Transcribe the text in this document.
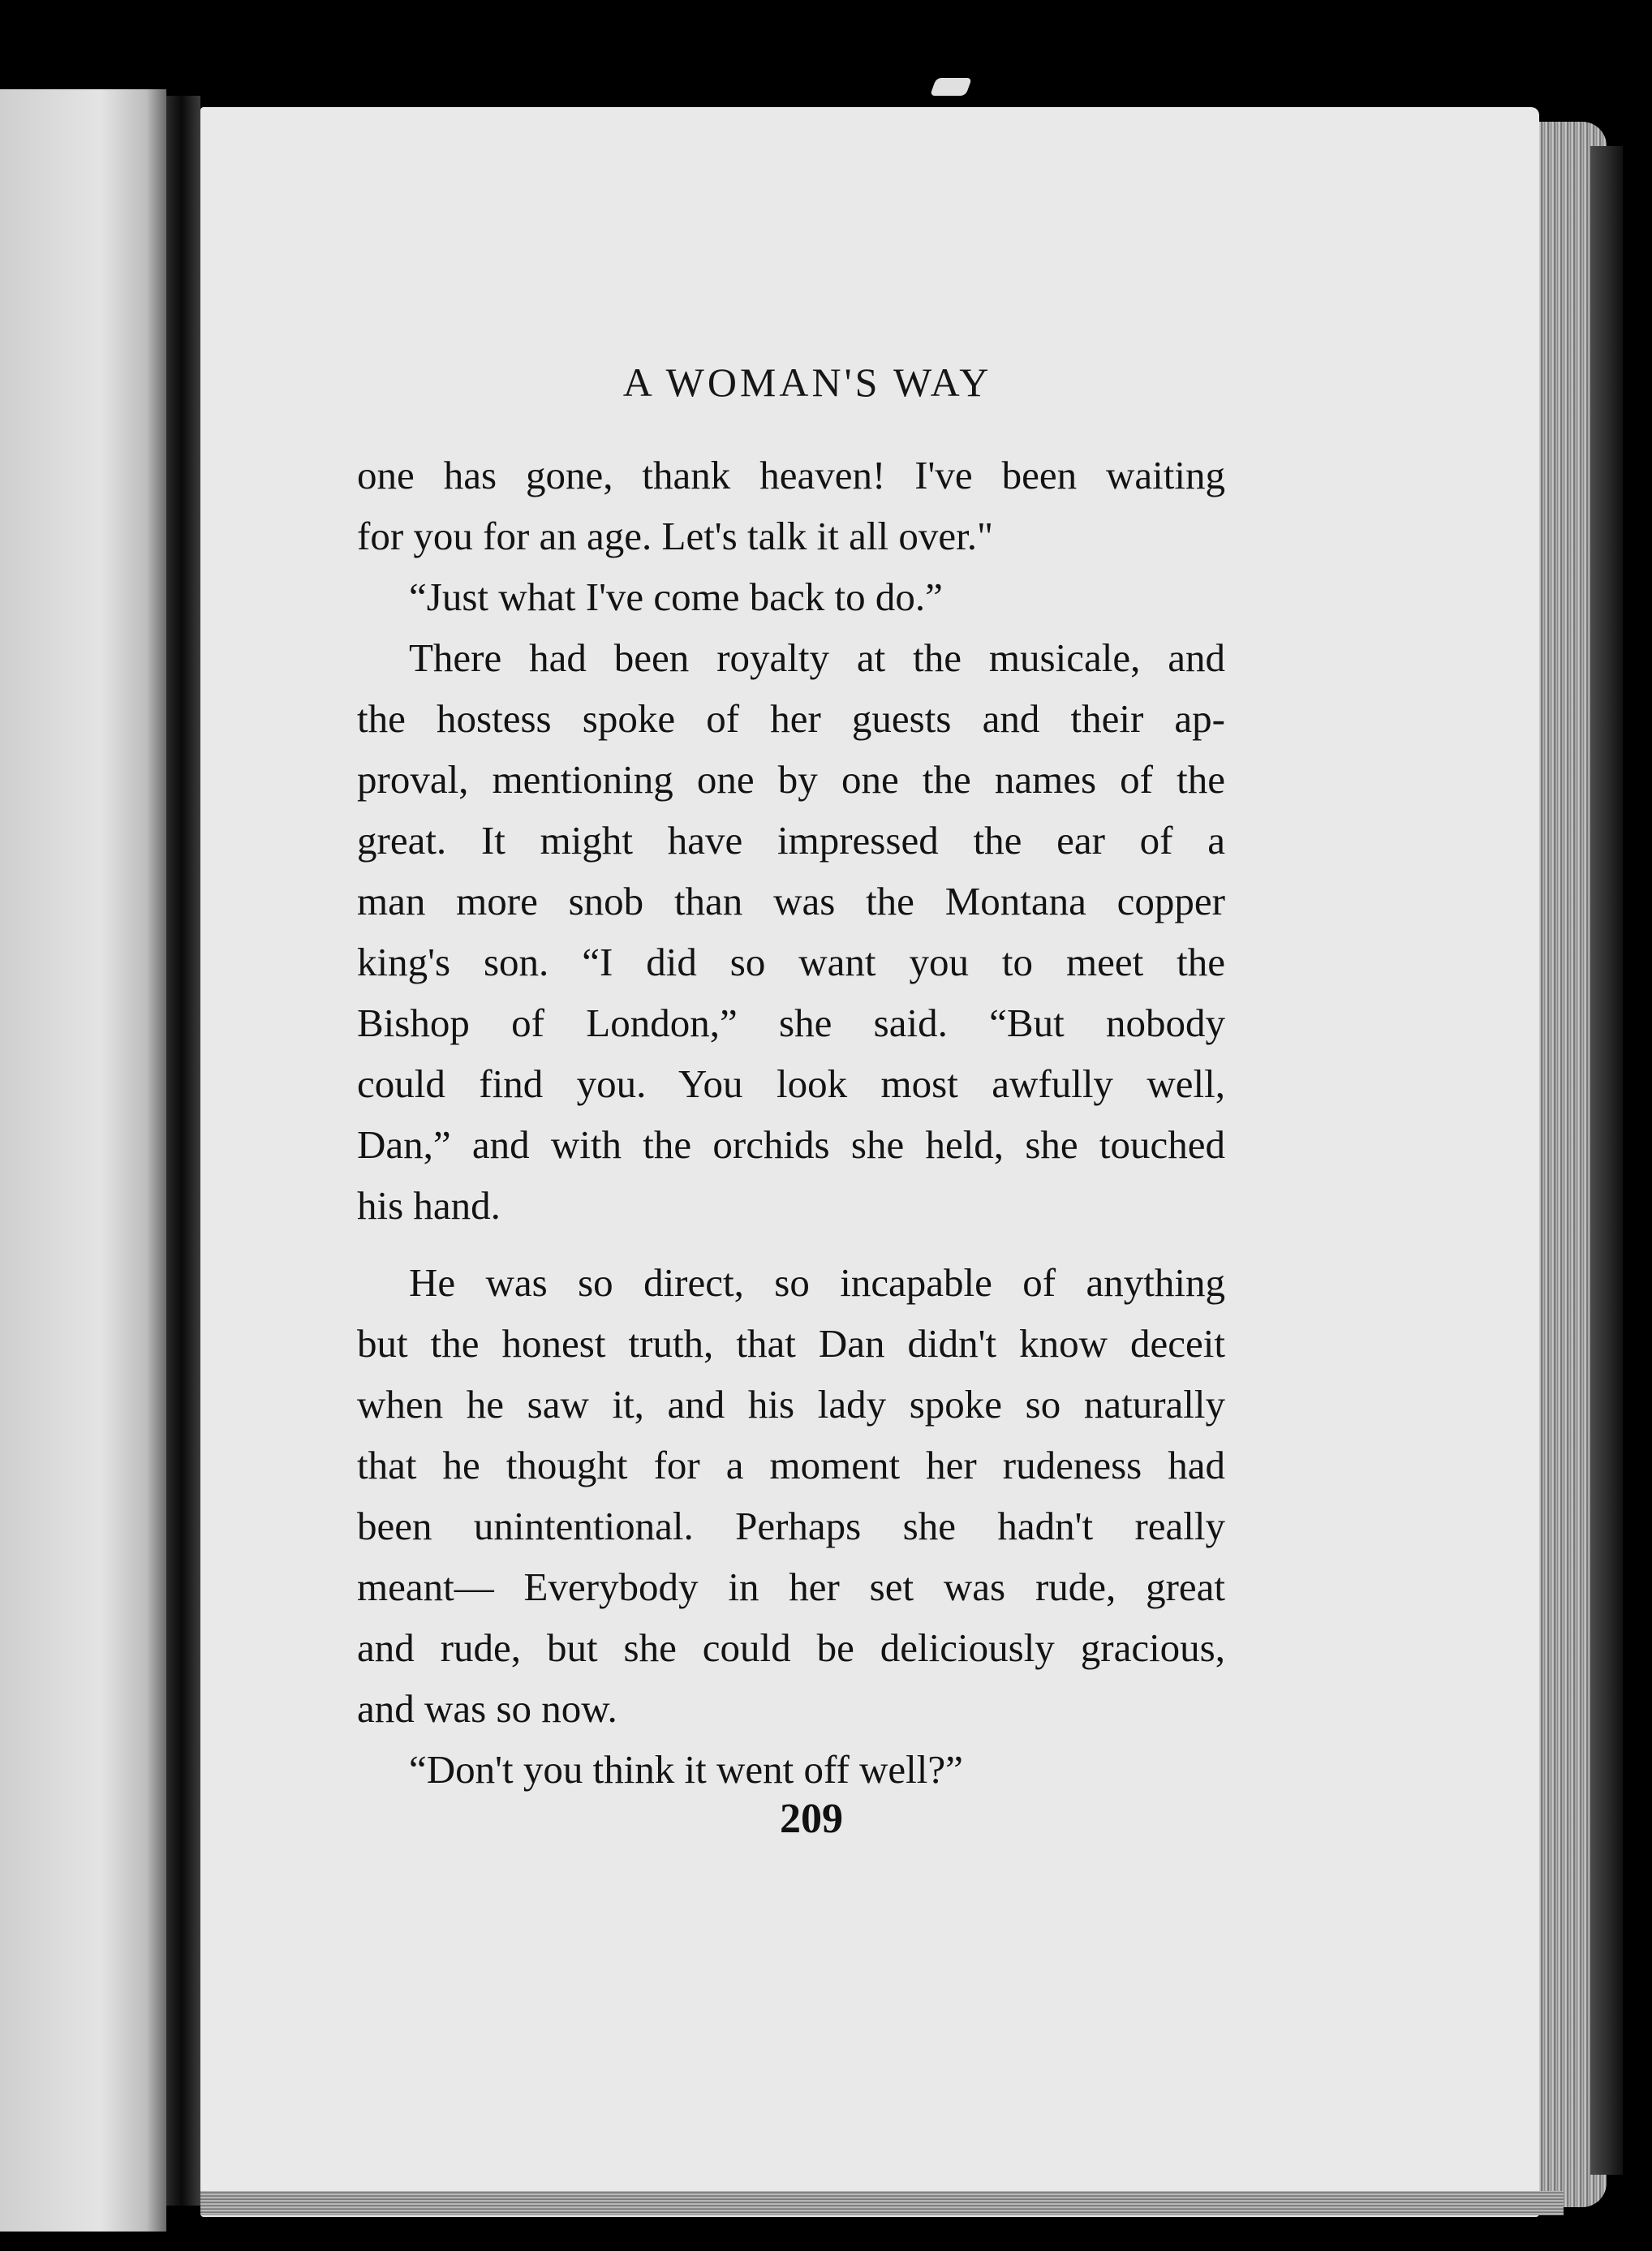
A WOMAN'S WAY
one has gone, thank heaven! I've been waiting
for you for an age. Let's talk it all over."
“Just what I've come back to do.”
There had been royalty at the musicale, and
the hostess spoke of her guests and their ap-
proval, mentioning one by one the names of the
great. It might have impressed the ear of a
man more snob than was the Montana copper
king's son. “I did so want you to meet the
Bishop of London,” she said. “But nobody
could find you. You look most awfully well,
Dan,” and with the orchids she held, she touched
his hand.
He was so direct, so incapable of anything
but the honest truth, that Dan didn't know deceit
when he saw it, and his lady spoke so naturally
that he thought for a moment her rudeness had
been unintentional. Perhaps she hadn't really
meant— Everybody in her set was rude, great
and rude, but she could be deliciously gracious,
and was so now.
“Don't you think it went off well?”
209
